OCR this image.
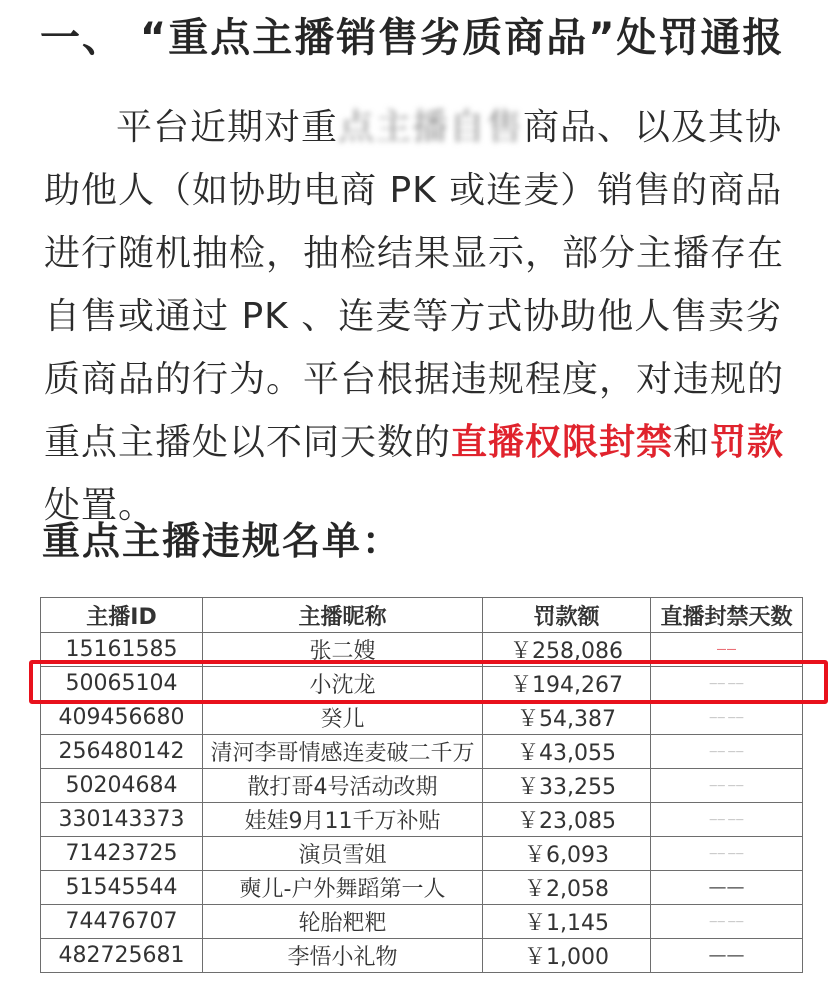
一、 “重点主播销售劣质商品”处罚通报
平台近期对重点主播自售商品、以及其协助他人（如协助电商 PK 或连麦）销售的商品进行随机抽检，抽检结果显示，部分主播存在自售或通过 PK 、连麦等方式协助他人售卖劣质商品的行为。平台根据违规程度，对违规的重点主播处以不同天数的直播权限封禁和罚款处置。
重点主播违规名单：
主播ID	主播昵称	罚款额	直播封禁天数
15161585	张二嫂	￥258,086	——
50065104	小沈龙	￥194,267	—— ——
409456680	癸儿	￥54,387	—— ——
256480142	清河李哥情感连麦破二千万	￥43,055	—— ——
50204684	散打哥4号活动改期	￥33,255	—— ——
330143373	娃娃9月11千万补贴	￥23,085	—— ——
71423725	演员雪姐	￥6,093	—— ——
51545544	奭儿-户外舞蹈第一人	￥2,058	——
74476707	轮胎粑粑	￥1,145	—— ——
482725681	李悟小礼物	￥1,000	——
